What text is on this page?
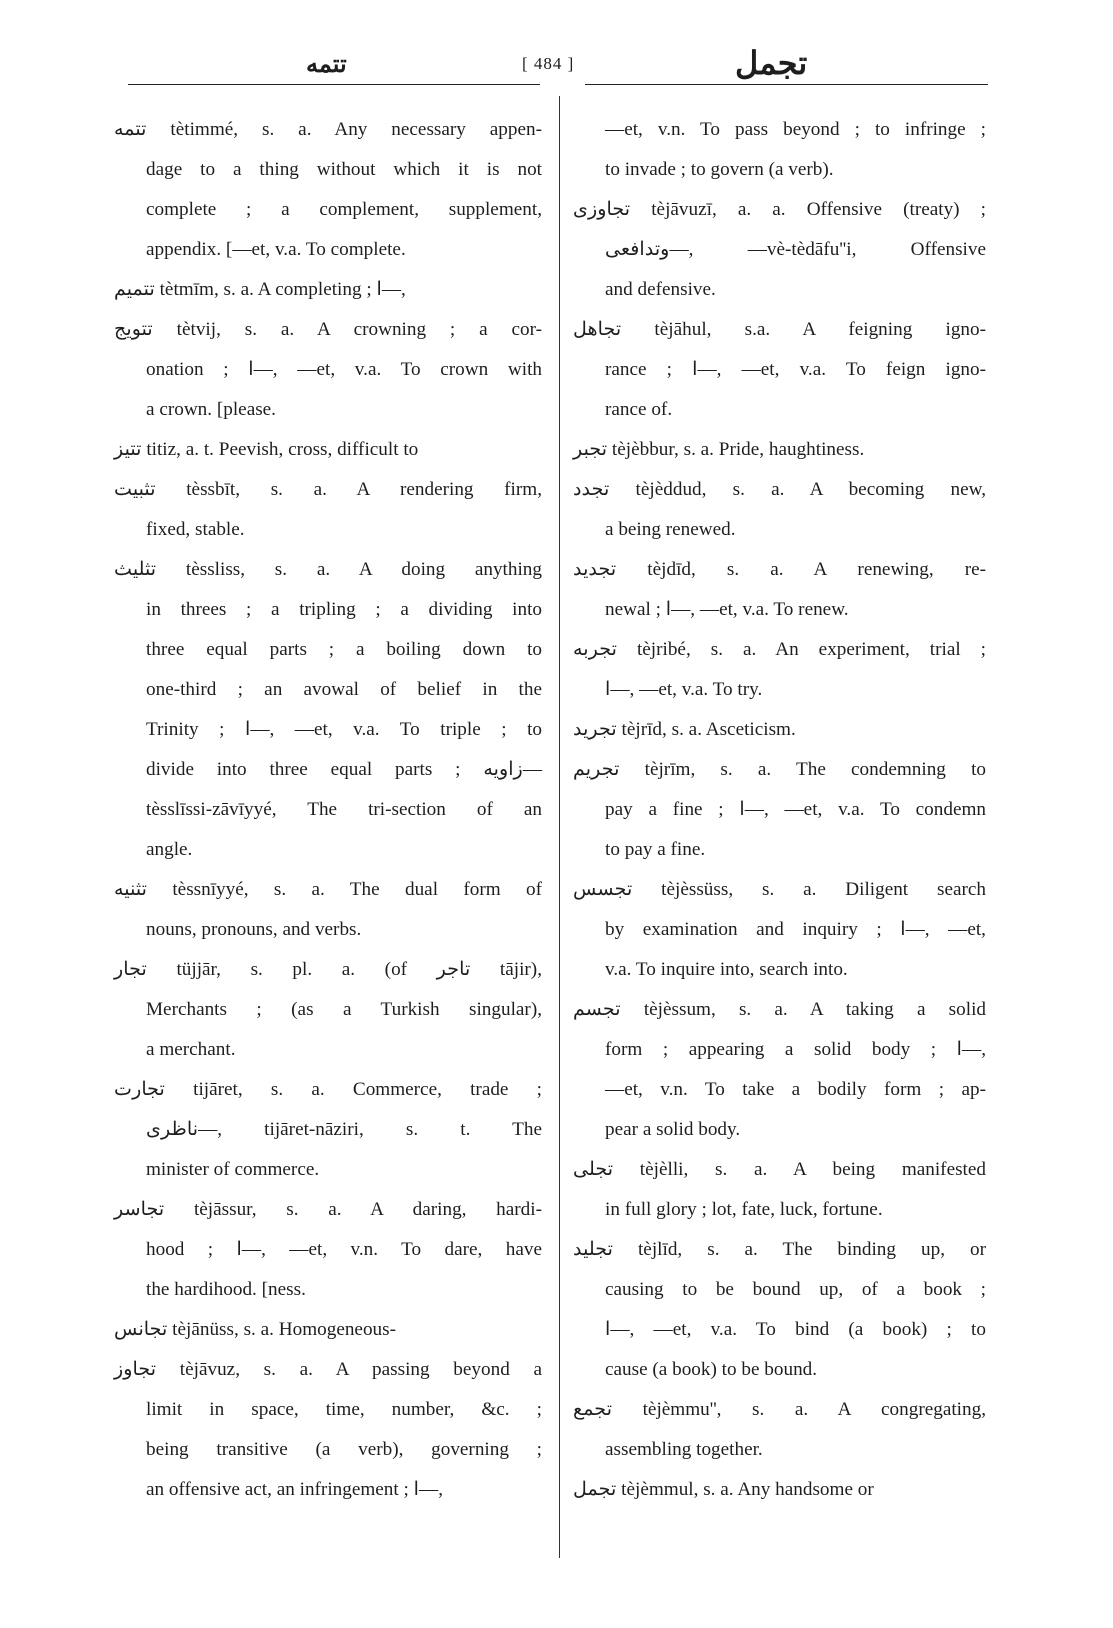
تتمه	[ 484 ]	تجمل
تتمه tètimmé, s. a. Any necessary appen-
dage to a thing without which it is not
complete ; a complement, supplement,
appendix. [—et, v.a. To complete.
تتميم tètmīm, s. a. A completing ; ا—,
تتويج tètvij, s. a. A crowning ; a cor-
onation ; ا—, —et, v.a. To crown with
a crown. [please.
تتيز titiz, a. t. Peevish, cross, difficult to
تثبيت tèssbīt, s. a. A rendering firm,
fixed, stable.
تثليث tèssliss, s. a. A doing anything
in threes ; a tripling ; a dividing into
three equal parts ; a boiling down to
one-third ; an avowal of belief in the
Trinity ; ا—, —et, v.a. To triple ; to
divide into three equal parts ; زاويه—
tèsslīssi-zāvīyyé, The tri-section of an
angle.
تثنيه tèssnīyyé, s. a. The dual form of
nouns, pronouns, and verbs.
تجار tüjjār, s. pl. a. (of تاجر tājir),
Merchants ; (as a Turkish singular),
a merchant.
تجارت tijāret, s. a. Commerce, trade ;
ناظرى—, tijāret-nāziri, s. t. The
minister of commerce.
تجاسر tèjāssur, s. a. A daring, hardi-
hood ; ا—, —et, v.n. To dare, have
the hardihood. [ness.
تجانس tèjānüss, s. a. Homogeneous-
تجاوز tèjāvuz, s. a. A passing beyond a
limit in space, time, number, &c. ;
being transitive (a verb), governing ;
an offensive act, an infringement ; ا—,
—et, v.n. To pass beyond ; to infringe ;
to invade ; to govern (a verb).
تجاوزى tèjāvuzī, a. a. Offensive (treaty) ;
وتدافعى—, —vè-tèdāfu''i, Offensive
and defensive.
تجاهل tèjāhul, s.a. A feigning igno-
rance ; ا—, —et, v.a. To feign igno-
rance of.
تجبر tèjèbbur, s. a. Pride, haughtiness.
تجدد tèjèddud, s. a. A becoming new,
a being renewed.
تجديد tèjdīd, s. a. A renewing, re-
newal ; ا—, —et, v.a. To renew.
تجربه tèjribé, s. a. An experiment, trial ;
ا—, —et, v.a. To try.
تجريد tèjrīd, s. a. Asceticism.
تجريم tèjrīm, s. a. The condemning to
pay a fine ; ا—, —et, v.a. To condemn
to pay a fine.
تجسس tèjèssüss, s. a. Diligent search
by examination and inquiry ; ا—, —et,
v.a. To inquire into, search into.
تجسم tèjèssum, s. a. A taking a solid
form ; appearing a solid body ; ا—,
—et, v.n. To take a bodily form ; ap-
pear a solid body.
تجلى tèjèlli, s. a. A being manifested
in full glory ; lot, fate, luck, fortune.
تجليد tèjlīd, s. a. The binding up, or
causing to be bound up, of a book ;
ا—, —et, v.a. To bind (a book) ; to
cause (a book) to be bound.
تجمع tèjèmmu'', s. a. A congregating,
assembling together.
تجمل tèjèmmul, s. a. Any handsome or
